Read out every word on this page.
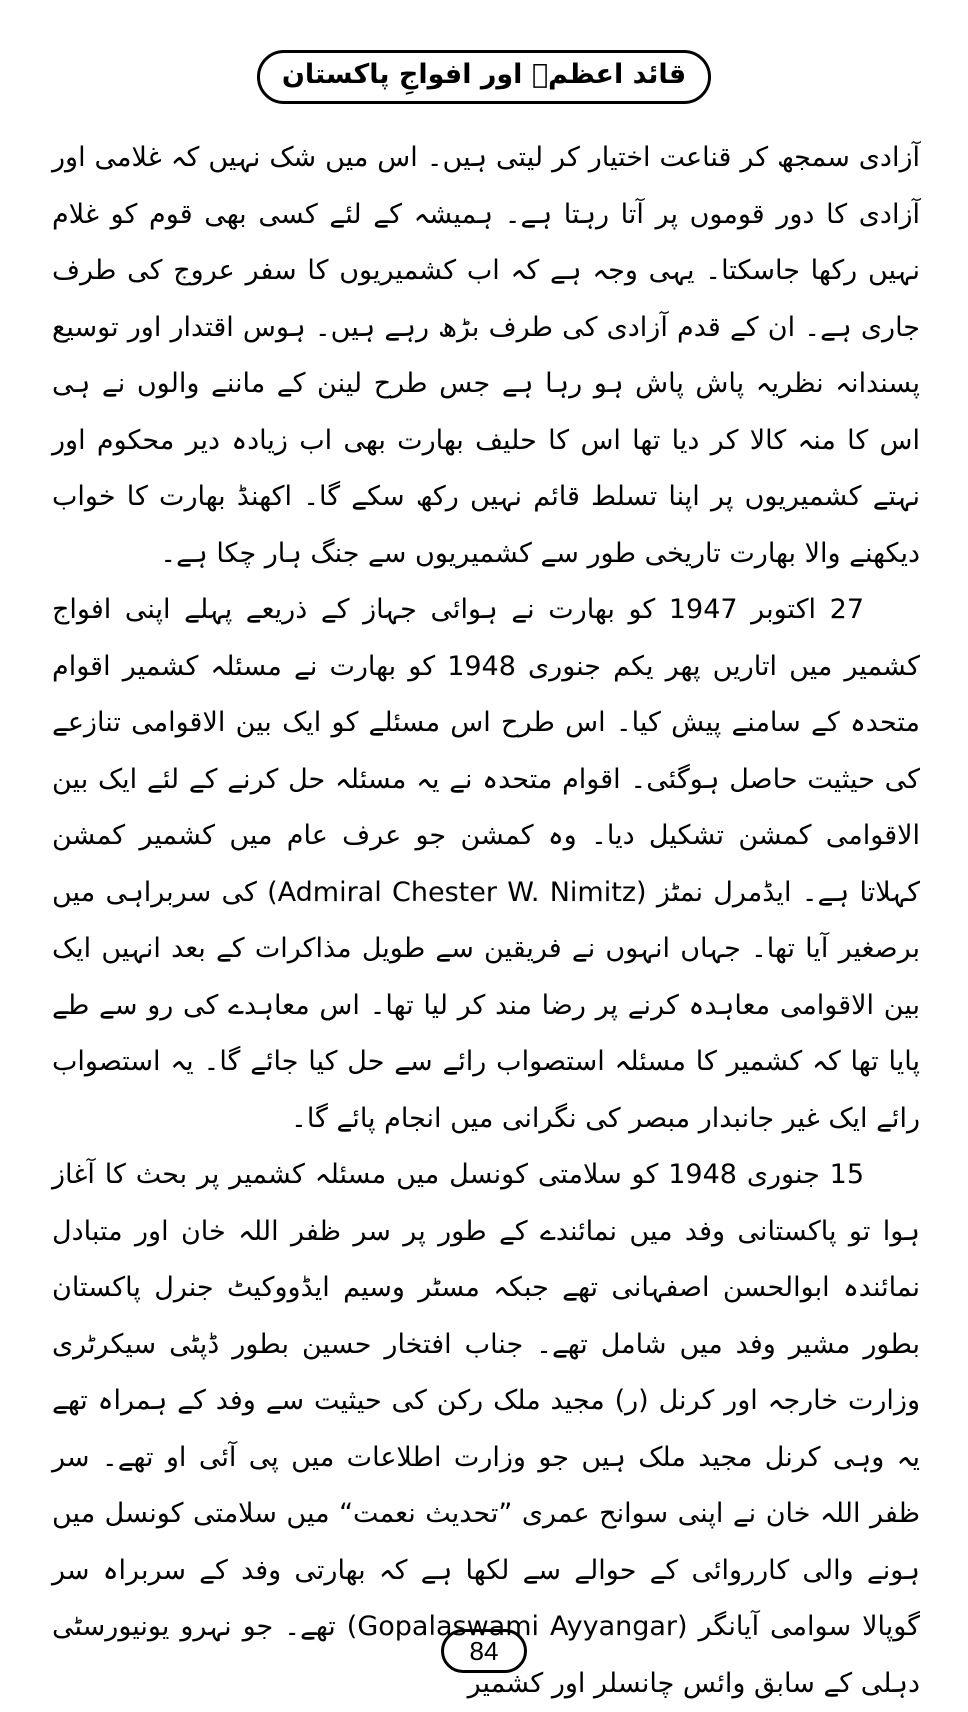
قائد اعظمؒ اور افواجِ پاکستان

آزادی سمجھ کر قناعت اختیار کر لیتی ہیں۔ اس میں شک نہیں کہ غلامی اور آزادی کا دور قوموں پر آتا رہتا ہے۔ ہمیشہ کے لئے کسی بھی قوم کو غلام نہیں رکھا جاسکتا۔ یہی وجہ ہے کہ اب کشمیریوں کا سفر عروج کی طرف جاری ہے۔ ان کے قدم آزادی کی طرف بڑھ رہے ہیں۔ ہوس اقتدار اور توسیع پسندانہ نظریہ پاش پاش ہو رہا ہے جس طرح لینن کے ماننے والوں نے ہی اس کا منہ کالا کر دیا تھا اس کا حلیف بھارت بھی اب زیادہ دیر محکوم اور نہتے کشمیریوں پر اپنا تسلط قائم نہیں رکھ سکے گا۔ اکھنڈ بھارت کا خواب دیکھنے والا بھارت تاریخی طور سے کشمیریوں سے جنگ ہار چکا ہے۔

27 اکتوبر 1947 کو بھارت نے ہوائی جہاز کے ذریعے پہلے اپنی افواج کشمیر میں اتاریں پھر یکم جنوری 1948 کو بھارت نے مسئلہ کشمیر اقوام متحدہ کے سامنے پیش کیا۔ اس طرح اس مسئلے کو ایک بین الاقوامی تنازعے کی حیثیت حاصل ہوگئی۔ اقوام متحدہ نے یہ مسئلہ حل کرنے کے لئے ایک بین الاقوامی کمشن تشکیل دیا۔ وہ کمشن جو عرف عام میں کشمیر کمشن کہلاتا ہے۔ ایڈمرل نمٹز (Admiral Chester W. Nimitz) کی سربراہی میں برصغیر آیا تھا۔ جہاں انہوں نے فریقین سے طویل مذاکرات کے بعد انہیں ایک بین الاقوامی معاہدہ کرنے پر رضا مند کر لیا تھا۔ اس معاہدے کی رو سے طے پایا تھا کہ کشمیر کا مسئلہ استصواب رائے سے حل کیا جائے گا۔ یہ استصواب رائے ایک غیر جانبدار مبصر کی نگرانی میں انجام پائے گا۔

15 جنوری 1948 کو سلامتی کونسل میں مسئلہ کشمیر پر بحث کا آغاز ہوا تو پاکستانی وفد میں نمائندے کے طور پر سر ظفر اللہ خان اور متبادل نمائندہ ابوالحسن اصفہانی تھے جبکہ مسٹر وسیم ایڈووکیٹ جنرل پاکستان بطور مشیر وفد میں شامل تھے۔ جناب افتخار حسین بطور ڈپٹی سیکرٹری وزارت خارجہ اور کرنل (ر) مجید ملک رکن کی حیثیت سے وفد کے ہمراہ تھے یہ وہی کرنل مجید ملک ہیں جو وزارت اطلاعات میں پی آئی او تھے۔ سر ظفر اللہ خان نے اپنی سوانح عمری ”تحدیث نعمت“ میں سلامتی کونسل میں ہونے والی کارروائی کے حوالے سے لکھا ہے کہ بھارتی وفد کے سربراہ سر گوپالا سوامی آیانگر (Gopalaswami Ayyangar) تھے۔ جو نہرو یونیورسٹی دہلی کے سابق وائس چانسلر اور کشمیر

84
